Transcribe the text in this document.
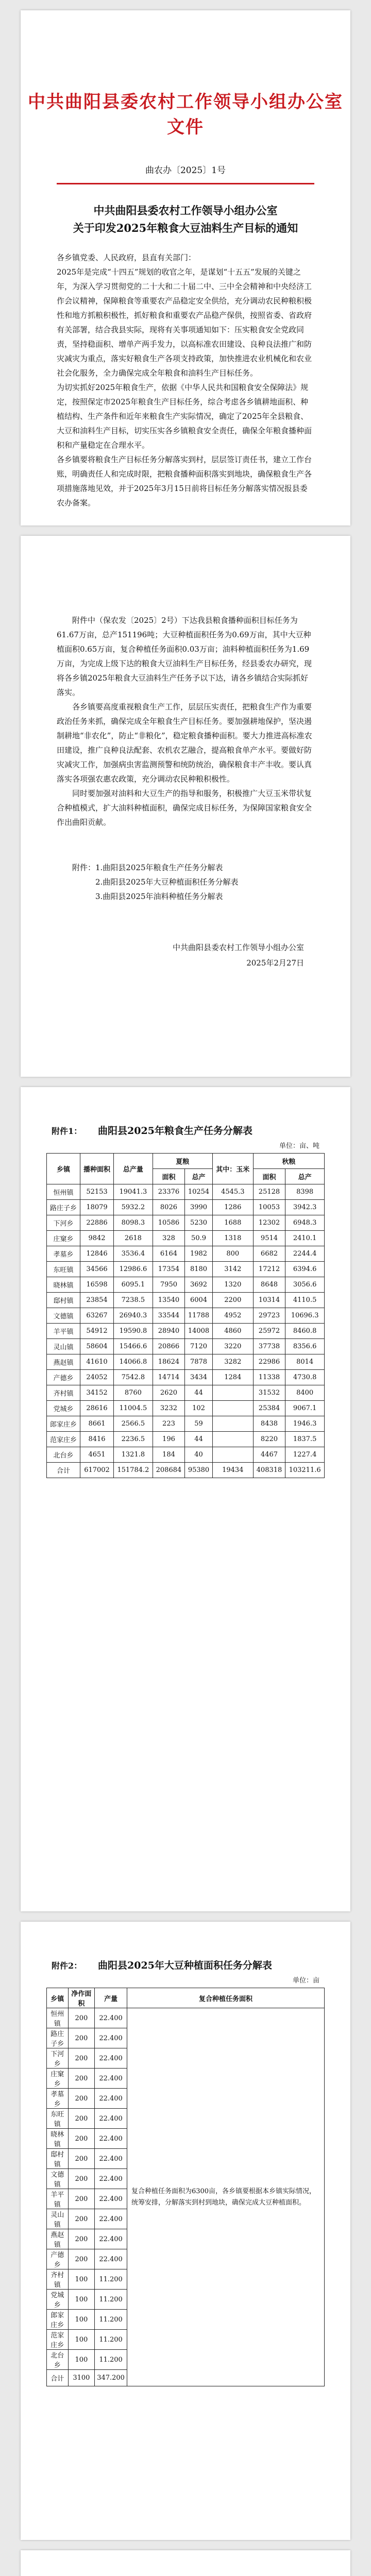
中共曲阳县委农村工作领导小组办公室文件
曲农办〔2025〕1号
中共曲阳县委农村工作领导小组办公室
关于印发2025年粮食大豆油料生产目标的通知

各乡镇党委、人民政府，县直有关部门：

2025年是完成“十四五”规划的收官之年，是谋划“十五五”发展的关键之年，为深入学习贯彻党的二十大和二十届二中、三中全会精神和中央经济工作会议精神，保障粮食等重要农产品稳定安全供给，充分调动农民种粮积极性和地方抓粮积极性，抓好粮食和重要农产品稳产保供，按照省委、省政府有关部署，结合我县实际，现将有关事项通知如下：压实粮食安全党政同责，坚持稳面积、增单产两手发力，以高标准农田建设、良种良法推广和防灾减灾为重点，落实好粮食生产各项支持政策，加快推进农业机械化和农业社会化服务，全力确保完成全年粮食和油料生产目标任务。

为切实抓好2025年粮食生产，依据《中华人民共和国粮食安全保障法》规定，按照保定市2025年粮食生产目标任务，综合考虑各乡镇耕地面积、种植结构、生产条件和近年来粮食生产实际情况，确定了2025年全县粮食、大豆和油料生产目标，切实压实各乡镇粮食安全责任，确保全年粮食播种面积和产量稳定在合理水平。

各乡镇要将粮食生产目标任务分解落实到村，层层签订责任书，建立工作台账，明确责任人和完成时限，把粮食播种面积落实到地块，确保粮食生产各项措施落地见效，并于2025年3月15日前将目标任务分解落实情况报县委农办备案。

附件中（保农发〔2025〕2号）下达我县粮食播种面积目标任务为61.67万亩，总产151196吨；大豆种植面积任务为0.69万亩，其中大豆种植面积0.65万亩，复合种植任务面积0.03万亩；油料种植面积任务为1.69万亩，为完成上级下达的粮食大豆油料生产目标任务，经县委农办研究，现将各乡镇2025年粮食大豆油料生产任务予以下达，请各乡镇结合实际抓好落实。

各乡镇要高度重视粮食生产工作，层层压实责任，把粮食生产作为重要政治任务来抓，确保完成全年粮食生产目标任务。要加强耕地保护，坚决遏制耕地“非农化”，防止“非粮化”，稳定粮食播种面积。要大力推进高标准农田建设，推广良种良法配套、农机农艺融合，提高粮食单产水平。要做好防灾减灾工作，加强病虫害监测预警和统防统治，确保粮食丰产丰收。要认真落实各项强农惠农政策，充分调动农民种粮积极性。

同时要加强对油料和大豆生产的指导和服务，积极推广大豆玉米带状复合种植模式，扩大油料种植面积，确保完成目标任务，为保障国家粮食安全作出曲阳贡献。

附件：1.曲阳县2025年粮食生产任务分解表

2.曲阳县2025年大豆种植面积任务分解表

3.曲阳县2025年油料种植任务分解表

中共曲阳县委农村工作领导小组办公室
2025年2月27日
附件1：	曲阳县2025年粮食生产任务分解表
单位：亩、吨
乡镇	播种面积	总产量	夏粮		其中：玉米	秋粮	
			面积	总产		面积	总产
恒州镇	52153	19041.3	23376	10254	4545.3	25128	8398
路庄子乡	18079	5932.2	8026	3990	1286	10053	3942.3
下河乡	22886	8098.3	10586	5230	1688	12302	6948.3
庄窠乡	9842	2618	328	50.9	1318	9514	2410.1
孝墓乡	12846	3536.4	6164	1982	800	6682	2244.4
东旺镇	34566	12986.6	17354	8180	3142	17212	6394.6
晓林镇	16598	6095.1	7950	3692	1320	8648	3056.6
邸村镇	23854	7238.5	13540	6004	2200	10314	4110.5
文德镇	63267	26940.3	33544	11788	4952	29723	10696.3
羊平镇	54912	19590.8	28940	14008	4860	25972	8460.8
灵山镇	58604	15466.6	20866	7120	3220	37738	8356.6
燕赵镇	41610	14066.8	18624	7878	3282	22986	8014
产德乡	24052	7542.8	14714	3434	1284	11338	4730.8
齐村镇	34152	8760	2620	44		31532	8400
党城乡	28616	11004.5	3232	102		25384	9067.1
郎家庄乡	8661	2566.5	223	59		8438	1946.3
范家庄乡	8416	2236.5	196	44		8220	1837.5
北台乡	4651	1321.8	184	40		4467	1227.4
合计	617002	151784.2	208684	95380	19434	408318	103211.6
附件2：	曲阳县2025年大豆种植面积任务分解表
单位：亩
乡镇	净作面积	产量	复合种植任务面积
恒州镇	200	22.400	复合种植任务面积为6300亩，各乡镇要根据本乡镇实际情况，统筹安排，分解落实到村到地块，确保完成大豆种植面积。
路庄子乡	200	22.400	
下河乡	200	22.400	
庄窠乡	200	22.400	
孝墓乡	200	22.400	
东旺镇	200	22.400	
晓林镇	200	22.400	
邸村镇	200	22.400	
文德镇	200	22.400	
羊平镇	200	22.400	
灵山镇	200	22.400	
燕赵镇	200	22.400	
产德乡	200	22.400	
齐村镇	100	11.200	
党城乡	100	11.200	
郎家庄乡	100	11.200	
范家庄乡	100	11.200	
北台乡	100	11.200	
合计	3100	347.200	
